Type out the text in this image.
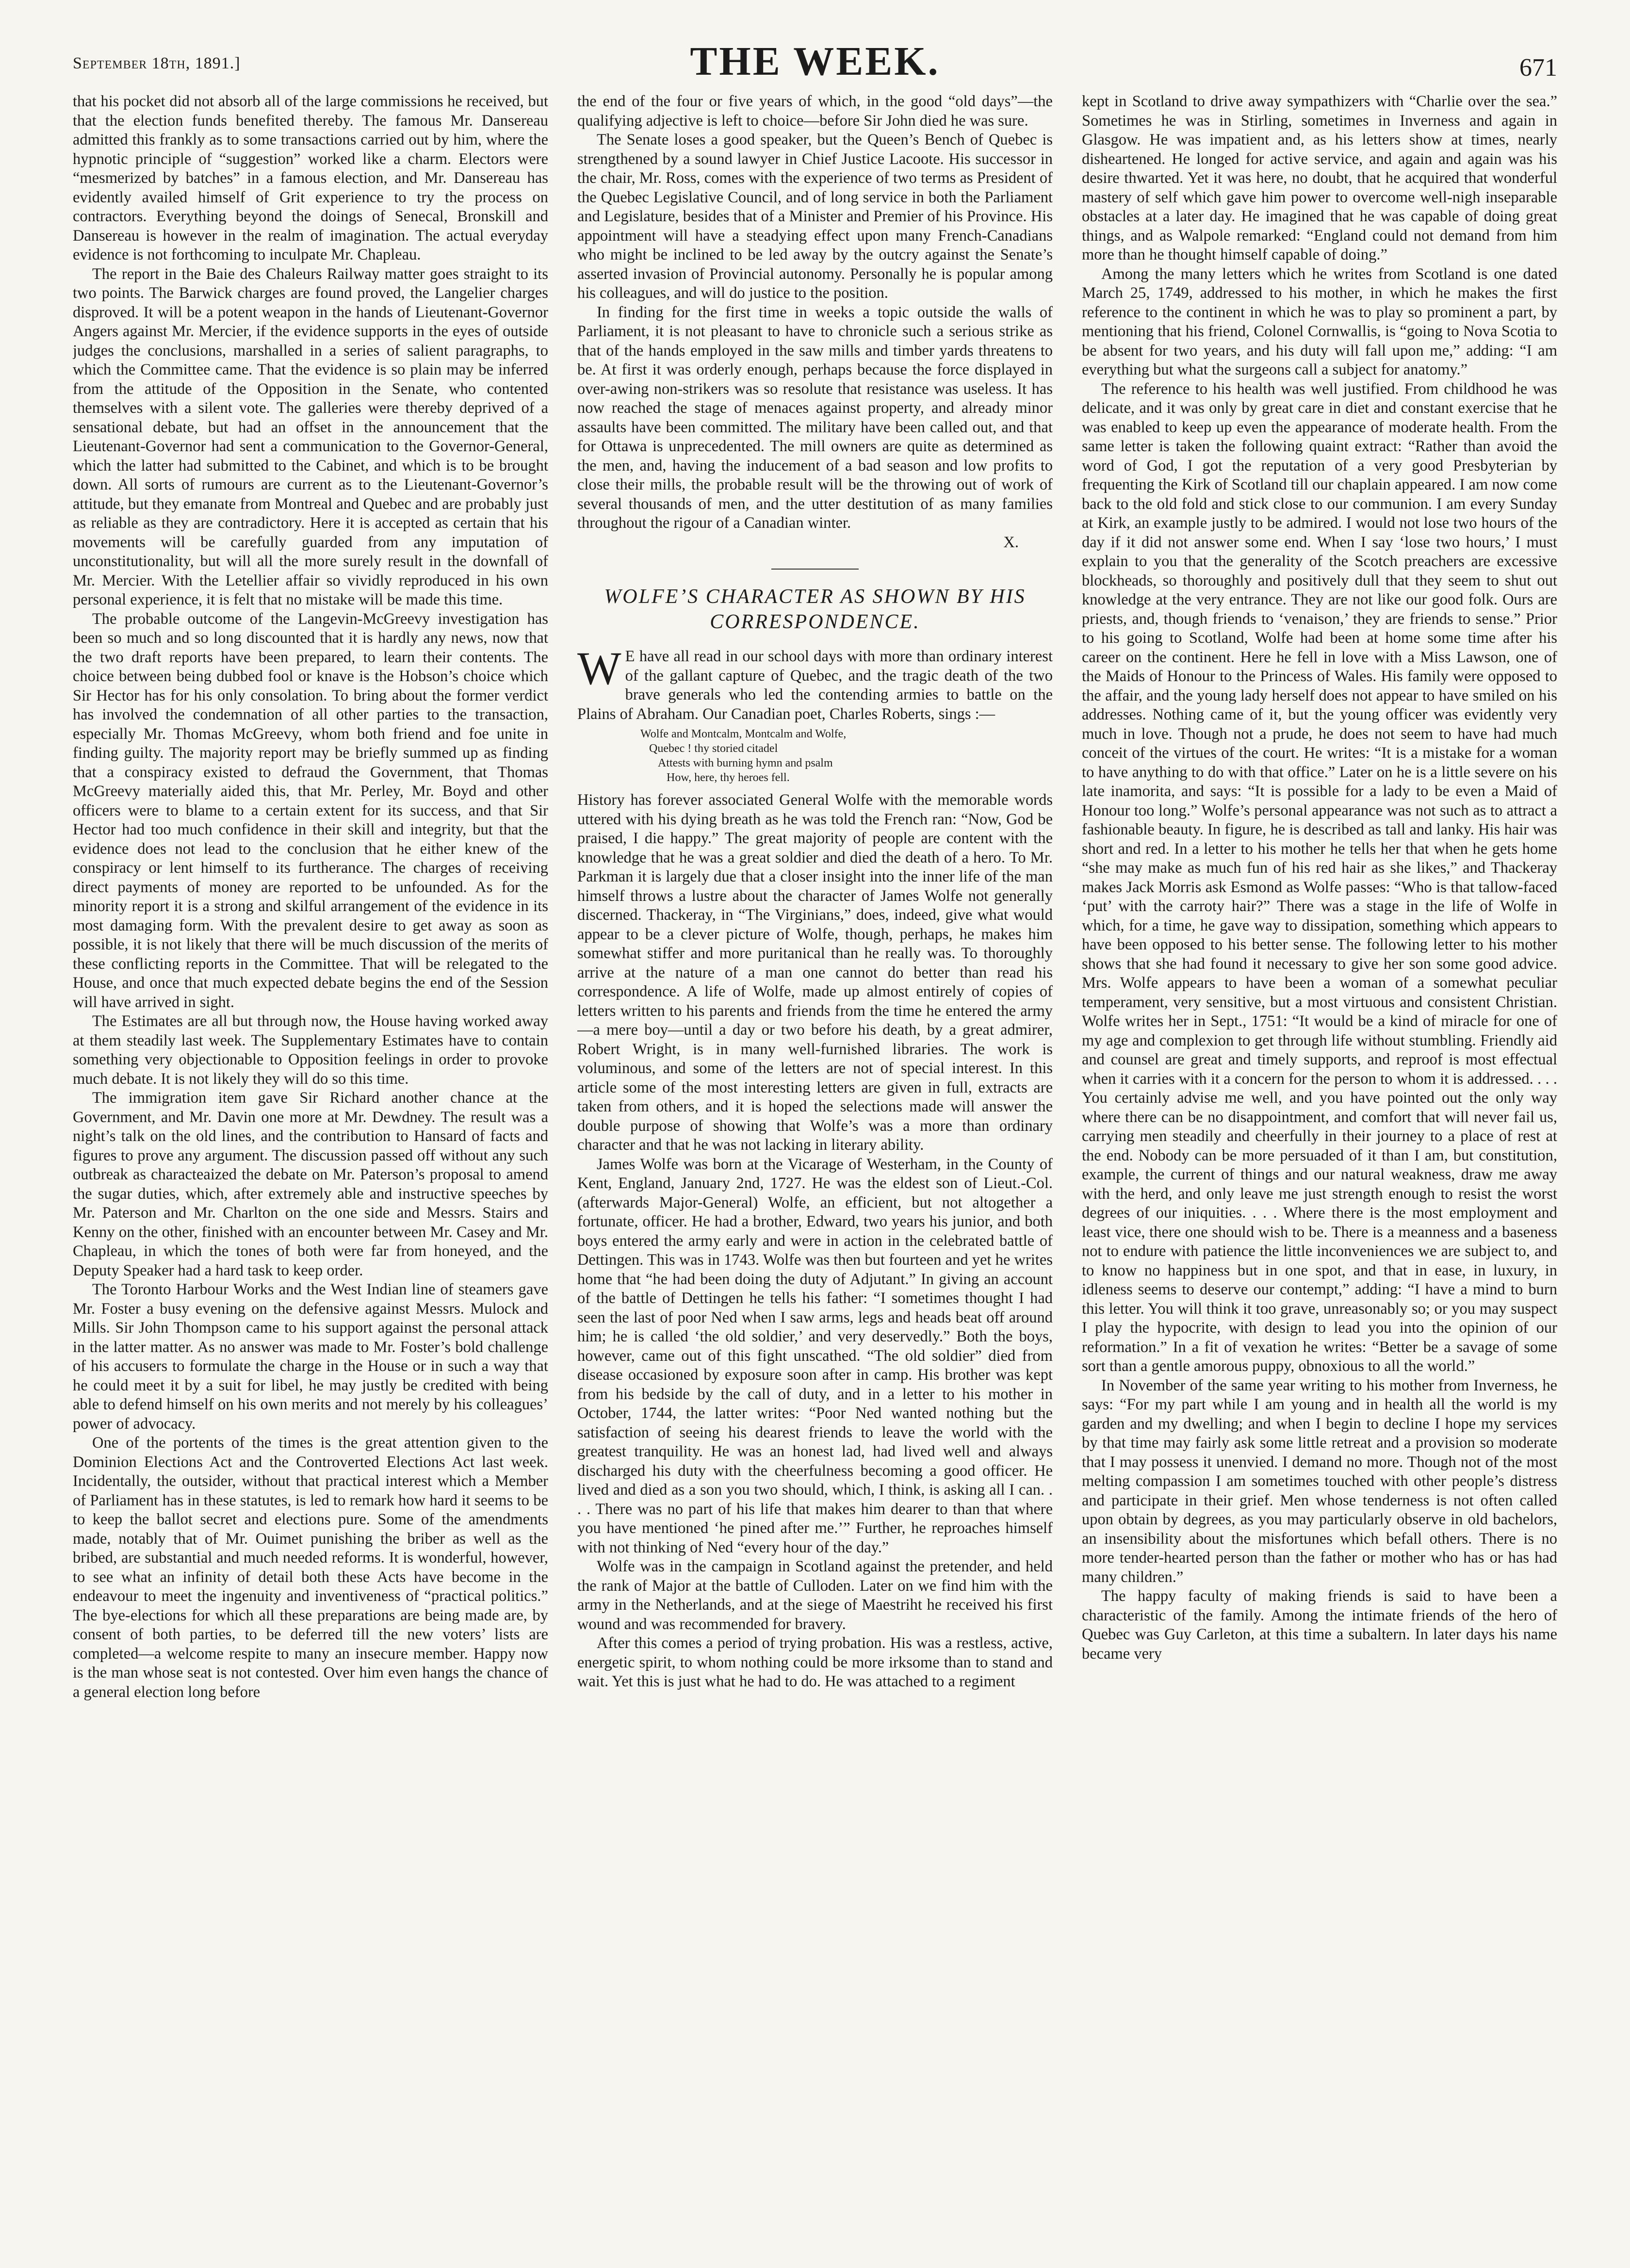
September 18th, 1891.]	THE WEEK.	671

that his pocket did not absorb all of the large commissions he received, but that the election funds benefited thereby. The famous Mr. Dansereau admitted this frankly as to some transactions carried out by him, where the hypnotic principle of “suggestion” worked like a charm. Electors were “mesmerized by batches” in a famous election, and Mr. Dansereau has evidently availed himself of Grit experience to try the process on contractors. Everything beyond the doings of Senecal, Bronskill and Dansereau is however in the realm of imagination. The actual everyday evidence is not forthcoming to inculpate Mr. Chapleau.

The report in the Baie des Chaleurs Railway matter goes straight to its two points. The Barwick charges are found proved, the Langelier charges disproved. It will be a potent weapon in the hands of Lieutenant-Governor Angers against Mr. Mercier, if the evidence supports in the eyes of outside judges the conclusions, marshalled in a series of salient paragraphs, to which the Committee came. That the evidence is so plain may be inferred from the attitude of the Opposition in the Senate, who contented themselves with a silent vote. The galleries were thereby deprived of a sensational debate, but had an offset in the announcement that the Lieutenant-Governor had sent a communication to the Governor-General, which the latter had submitted to the Cabinet, and which is to be brought down. All sorts of rumours are current as to the Lieutenant-Governor’s attitude, but they emanate from Montreal and Quebec and are probably just as reliable as they are contradictory. Here it is accepted as certain that his movements will be carefully guarded from any imputation of unconstitutionality, but will all the more surely result in the downfall of Mr. Mercier. With the Letellier affair so vividly reproduced in his own personal experience, it is felt that no mistake will be made this time.

The probable outcome of the Langevin-McGreevy investigation has been so much and so long discounted that it is hardly any news, now that the two draft reports have been prepared, to learn their contents. The choice between being dubbed fool or knave is the Hobson’s choice which Sir Hector has for his only consolation. To bring about the former verdict has involved the condemnation of all other parties to the transaction, especially Mr. Thomas McGreevy, whom both friend and foe unite in finding guilty. The majority report may be briefly summed up as finding that a conspiracy existed to defraud the Government, that Thomas McGreevy materially aided this, that Mr. Perley, Mr. Boyd and other officers were to blame to a certain extent for its success, and that Sir Hector had too much confidence in their skill and integrity, but that the evidence does not lead to the conclusion that he either knew of the conspiracy or lent himself to its furtherance. The charges of receiving direct payments of money are reported to be unfounded. As for the minority report it is a strong and skilful arrangement of the evidence in its most damaging form. With the prevalent desire to get away as soon as possible, it is not likely that there will be much discussion of the merits of these conflicting reports in the Committee. That will be relegated to the House, and once that much expected debate begins the end of the Session will have arrived in sight.

The Estimates are all but through now, the House having worked away at them steadily last week. The Supplementary Estimates have to contain something very objectionable to Opposition feelings in order to provoke much debate. It is not likely they will do so this time.

The immigration item gave Sir Richard another chance at the Government, and Mr. Davin one more at Mr. Dewdney. The result was a night’s talk on the old lines, and the contribution to Hansard of facts and figures to prove any argument. The discussion passed off without any such outbreak as characteaized the debate on Mr. Paterson’s proposal to amend the sugar duties, which, after extremely able and instructive speeches by Mr. Paterson and Mr. Charlton on the one side and Messrs. Stairs and Kenny on the other, finished with an encounter between Mr. Casey and Mr. Chapleau, in which the tones of both were far from honeyed, and the Deputy Speaker had a hard task to keep order.

The Toronto Harbour Works and the West Indian line of steamers gave Mr. Foster a busy evening on the defensive against Messrs. Mulock and Mills. Sir John Thompson came to his support against the personal attack in the latter matter. As no answer was made to Mr. Foster’s bold challenge of his accusers to formulate the charge in the House or in such a way that he could meet it by a suit for libel, he may justly be credited with being able to defend himself on his own merits and not merely by his colleagues’ power of advocacy.

One of the portents of the times is the great attention given to the Dominion Elections Act and the Controverted Elections Act last week. Incidentally, the outsider, without that practical interest which a Member of Parliament has in these statutes, is led to remark how hard it seems to be to keep the ballot secret and elections pure. Some of the amendments made, notably that of Mr. Ouimet punishing the briber as well as the bribed, are substantial and much needed reforms. It is wonderful, however, to see what an infinity of detail both these Acts have become in the endeavour to meet the ingenuity and inventiveness of “practical politics.” The bye-elections for which all these preparations are being made are, by consent of both parties, to be deferred till the new voters’ lists are completed—a welcome respite to many an insecure member. Happy now is the man whose seat is not contested. Over him even hangs the chance of a general election long before

the end of the four or five years of which, in the good “old days”—the qualifying adjective is left to choice—before Sir John died he was sure.

The Senate loses a good speaker, but the Queen’s Bench of Quebec is strengthened by a sound lawyer in Chief Justice Lacoote. His successor in the chair, Mr. Ross, comes with the experience of two terms as President of the Quebec Legislative Council, and of long service in both the Parliament and Legislature, besides that of a Minister and Premier of his Province. His appointment will have a steadying effect upon many French-Canadians who might be inclined to be led away by the outcry against the Senate’s asserted invasion of Provincial autonomy. Personally he is popular among his colleagues, and will do justice to the position.

In finding for the first time in weeks a topic outside the walls of Parliament, it is not pleasant to have to chronicle such a serious strike as that of the hands employed in the saw mills and timber yards threatens to be. At first it was orderly enough, perhaps because the force displayed in over-awing non-strikers was so resolute that resistance was useless. It has now reached the stage of menaces against property, and already minor assaults have been committed. The military have been called out, and that for Ottawa is unprecedented. The mill owners are quite as determined as the men, and, having the inducement of a bad season and low profits to close their mills, the probable result will be the throwing out of work of several thousands of men, and the utter destitution of as many families throughout the rigour of a Canadian winter.

X.
WOLFE’S CHARACTER AS SHOWN BY HIS CORRESPONDENCE.

W E have all read in our school days with more than ordinary interest of the gallant capture of Quebec, and the tragic death of the two brave generals who led the contending armies to battle on the Plains of Abraham. Our Canadian poet, Charles Roberts, sings :—

Wolfe and Montcalm, Montcalm and Wolfe,
Quebec ! thy storied citadel
Attests with burning hymn and psalm
How, here, thy heroes fell.

History has forever associated General Wolfe with the memorable words uttered with his dying breath as he was told the French ran: “Now, God be praised, I die happy.” The great majority of people are content with the knowledge that he was a great soldier and died the death of a hero. To Mr. Parkman it is largely due that a closer insight into the inner life of the man himself throws a lustre about the character of James Wolfe not generally discerned. Thackeray, in “The Virginians,” does, indeed, give what would appear to be a clever picture of Wolfe, though, perhaps, he makes him somewhat stiffer and more puritanical than he really was. To thoroughly arrive at the nature of a man one cannot do better than read his correspondence. A life of Wolfe, made up almost entirely of copies of letters written to his parents and friends from the time he entered the army—a mere boy—until a day or two before his death, by a great admirer, Robert Wright, is in many well-furnished libraries. The work is voluminous, and some of the letters are not of special interest. In this article some of the most interesting letters are given in full, extracts are taken from others, and it is hoped the selections made will answer the double purpose of showing that Wolfe’s was a more than ordinary character and that he was not lacking in literary ability.

James Wolfe was born at the Vicarage of Westerham, in the County of Kent, England, January 2nd, 1727. He was the eldest son of Lieut.-Col. (afterwards Major-General) Wolfe, an efficient, but not altogether a fortunate, officer. He had a brother, Edward, two years his junior, and both boys entered the army early and were in action in the celebrated battle of Dettingen. This was in 1743. Wolfe was then but fourteen and yet he writes home that “he had been doing the duty of Adjutant.” In giving an account of the battle of Dettingen he tells his father: “I sometimes thought I had seen the last of poor Ned when I saw arms, legs and heads beat off around him; he is called ‘the old soldier,’ and very deservedly.” Both the boys, however, came out of this fight unscathed. “The old soldier” died from disease occasioned by exposure soon after in camp. His brother was kept from his bedside by the call of duty, and in a letter to his mother in October, 1744, the latter writes: “Poor Ned wanted nothing but the satisfaction of seeing his dearest friends to leave the world with the greatest tranquility. He was an honest lad, had lived well and always discharged his duty with the cheerfulness becoming a good officer. He lived and died as a son you two should, which, I think, is asking all I can. . . . There was no part of his life that makes him dearer to than that where you have mentioned ‘he pined after me.’” Further, he reproaches himself with not thinking of Ned “every hour of the day.”

Wolfe was in the campaign in Scotland against the pretender, and held the rank of Major at the battle of Culloden. Later on we find him with the army in the Netherlands, and at the siege of Maestriht he received his first wound and was recommended for bravery.

After this comes a period of trying probation. His was a restless, active, energetic spirit, to whom nothing could be more irksome than to stand and wait. Yet this is just what he had to do. He was attached to a regiment

kept in Scotland to drive away sympathizers with “Charlie over the sea.” Sometimes he was in Stirling, sometimes in Inverness and again in Glasgow. He was impatient and, as his letters show at times, nearly disheartened. He longed for active service, and again and again was his desire thwarted. Yet it was here, no doubt, that he acquired that wonderful mastery of self which gave him power to overcome well-nigh inseparable obstacles at a later day. He imagined that he was capable of doing great things, and as Walpole remarked: “England could not demand from him more than he thought himself capable of doing.”

Among the many letters which he writes from Scotland is one dated March 25, 1749, addressed to his mother, in which he makes the first reference to the continent in which he was to play so prominent a part, by mentioning that his friend, Colonel Cornwallis, is “going to Nova Scotia to be absent for two years, and his duty will fall upon me,” adding: “I am everything but what the surgeons call a subject for anatomy.”

The reference to his health was well justified. From childhood he was delicate, and it was only by great care in diet and constant exercise that he was enabled to keep up even the appearance of moderate health. From the same letter is taken the following quaint extract: “Rather than avoid the word of God, I got the reputation of a very good Presbyterian by frequenting the Kirk of Scotland till our chaplain appeared. I am now come back to the old fold and stick close to our communion. I am every Sunday at Kirk, an example justly to be admired. I would not lose two hours of the day if it did not answer some end. When I say ‘lose two hours,’ I must explain to you that the generality of the Scotch preachers are excessive blockheads, so thoroughly and positively dull that they seem to shut out knowledge at the very entrance. They are not like our good folk. Ours are priests, and, though friends to ‘venaison,’ they are friends to sense.” Prior to his going to Scotland, Wolfe had been at home some time after his career on the continent. Here he fell in love with a Miss Lawson, one of the Maids of Honour to the Princess of Wales. His family were opposed to the affair, and the young lady herself does not appear to have smiled on his addresses. Nothing came of it, but the young officer was evidently very much in love. Though not a prude, he does not seem to have had much conceit of the virtues of the court. He writes: “It is a mistake for a woman to have anything to do with that office.” Later on he is a little severe on his late inamorita, and says: “It is possible for a lady to be even a Maid of Honour too long.” Wolfe’s personal appearance was not such as to attract a fashionable beauty. In figure, he is described as tall and lanky. His hair was short and red. In a letter to his mother he tells her that when he gets home “she may make as much fun of his red hair as she likes,” and Thackeray makes Jack Morris ask Esmond as Wolfe passes: “Who is that tallow-faced ‘put’ with the carroty hair?” There was a stage in the life of Wolfe in which, for a time, he gave way to dissipation, something which appears to have been opposed to his better sense. The following letter to his mother shows that she had found it necessary to give her son some good advice. Mrs. Wolfe appears to have been a woman of a somewhat peculiar temperament, very sensitive, but a most virtuous and consistent Christian. Wolfe writes her in Sept., 1751: “It would be a kind of miracle for one of my age and complexion to get through life without stumbling. Friendly aid and counsel are great and timely supports, and reproof is most effectual when it carries with it a concern for the person to whom it is addressed. . . . You certainly advise me well, and you have pointed out the only way where there can be no disappointment, and comfort that will never fail us, carrying men steadily and cheerfully in their journey to a place of rest at the end. Nobody can be more persuaded of it than I am, but constitution, example, the current of things and our natural weakness, draw me away with the herd, and only leave me just strength enough to resist the worst degrees of our iniquities. . . . Where there is the most employment and least vice, there one should wish to be. There is a meanness and a baseness not to endure with patience the little inconveniences we are subject to, and to know no happiness but in one spot, and that in ease, in luxury, in idleness seems to deserve our contempt,” adding: “I have a mind to burn this letter. You will think it too grave, unreasonably so; or you may suspect I play the hypocrite, with design to lead you into the opinion of our reformation.” In a fit of vexation he writes: “Better be a savage of some sort than a gentle amorous puppy, obnoxious to all the world.”

In November of the same year writing to his mother from Inverness, he says: “For my part while I am young and in health all the world is my garden and my dwelling; and when I begin to decline I hope my services by that time may fairly ask some little retreat and a provision so moderate that I may possess it unenvied. I demand no more. Though not of the most melting compassion I am sometimes touched with other people’s distress and participate in their grief. Men whose tenderness is not often called upon obtain by degrees, as you may particularly observe in old bachelors, an insensibility about the misfortunes which befall others. There is no more tender-hearted person than the father or mother who has or has had many children.”

The happy faculty of making friends is said to have been a characteristic of the family. Among the intimate friends of the hero of Quebec was Guy Carleton, at this time a subaltern. In later days his name became very
